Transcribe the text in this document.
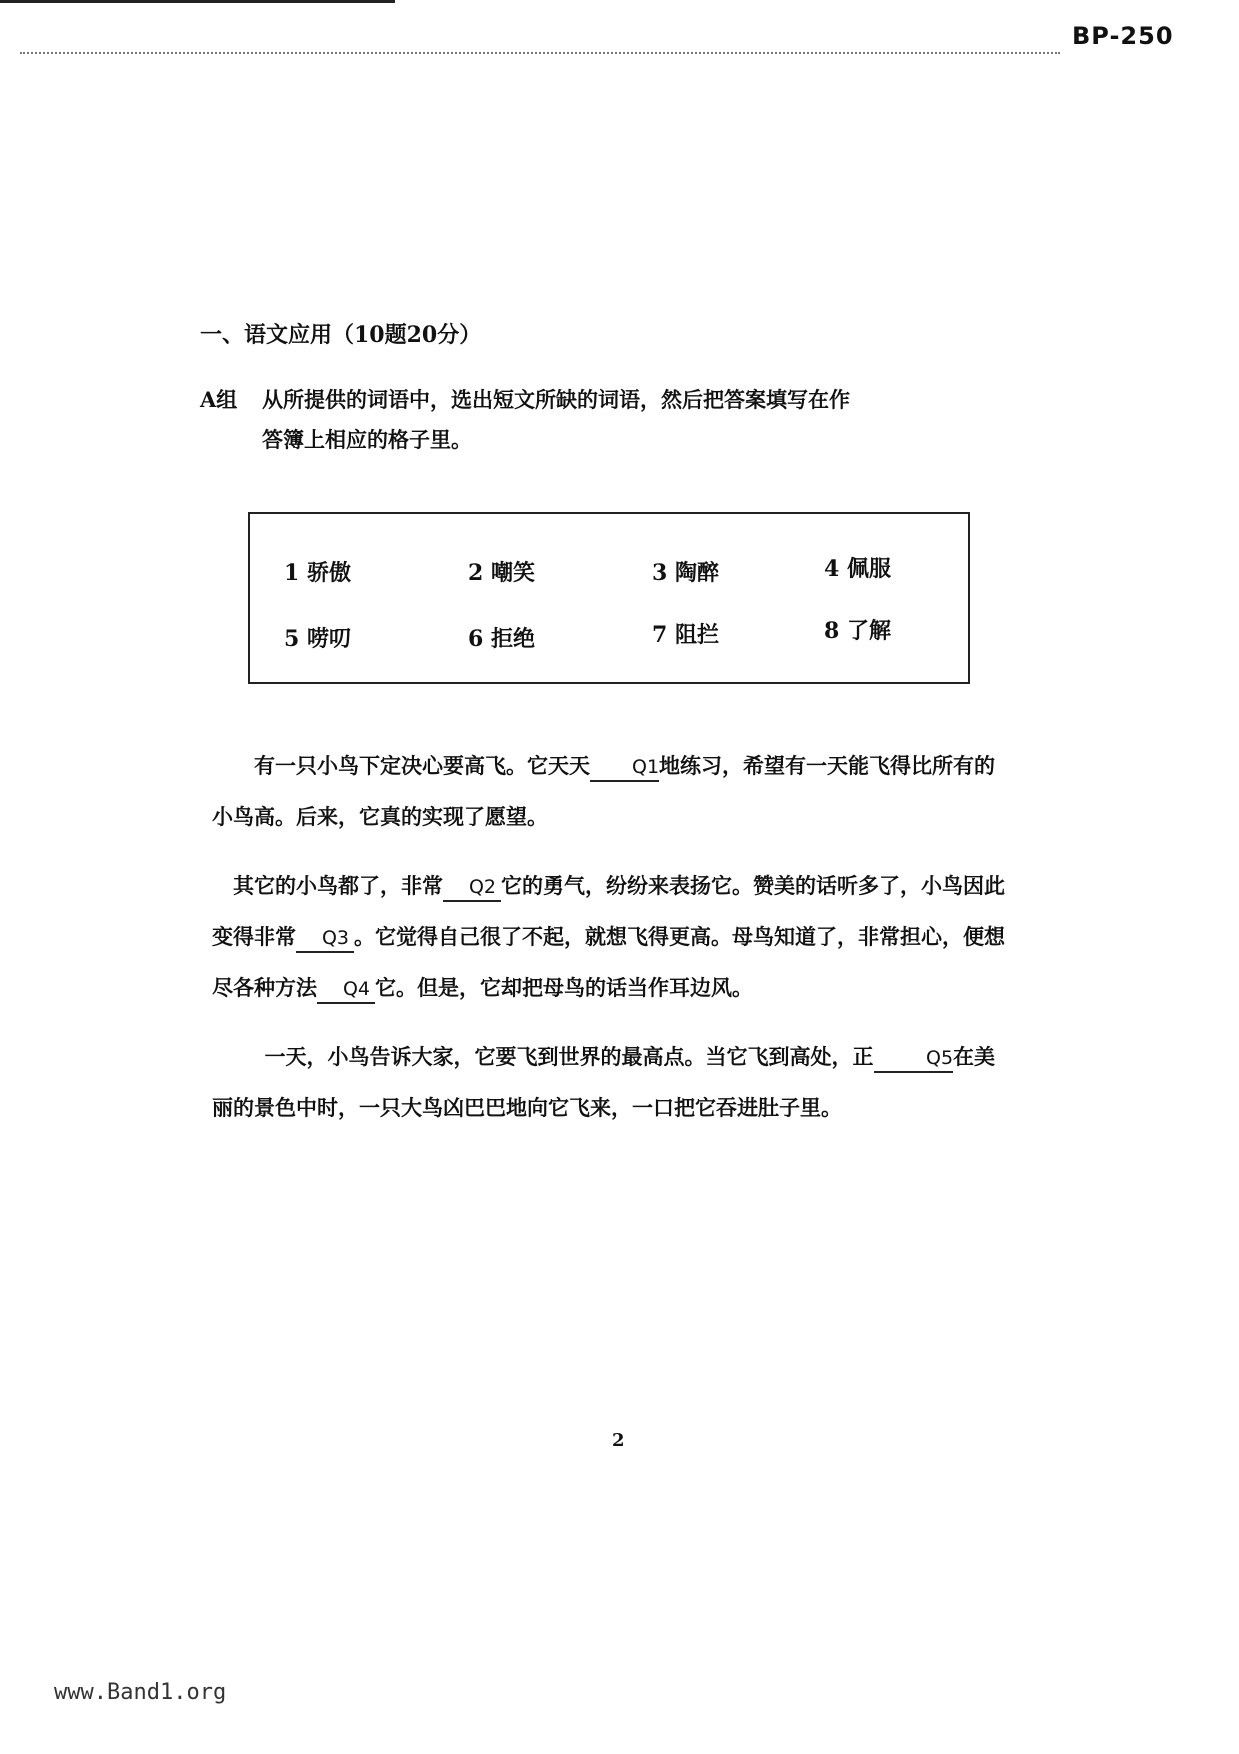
BP-250
一、语文应用（10题20分）
A组 从所提供的词语中，选出短文所缺的词语，然后把答案填写在作
答簿上相应的格子里。
1 骄傲	2 嘲笑	3 陶醉	4 佩服
5 唠叨	6 拒绝	7 阻拦	8 了解

有一只小鸟下定决心要高飞。它天天 Q1地练习，希望有一天能飞得比所有的小鸟高。后来，它真的实现了愿望。

其它的小鸟都了，非常 Q2 它的勇气，纷纷来表扬它。赞美的话听多了，小鸟因此变得非常 Q3 。它觉得自己很了不起，就想飞得更高。母鸟知道了，非常担心，便想尽各种方法 Q4 它。但是，它却把母鸟的话当作耳边风。

一天，小鸟告诉大家，它要飞到世界的最高点。当它飞到高处，正	Q5在美丽的景色中时，一只大鸟凶巴巴地向它飞来，一口把它吞进肚子里。

2
www.Band1.org
